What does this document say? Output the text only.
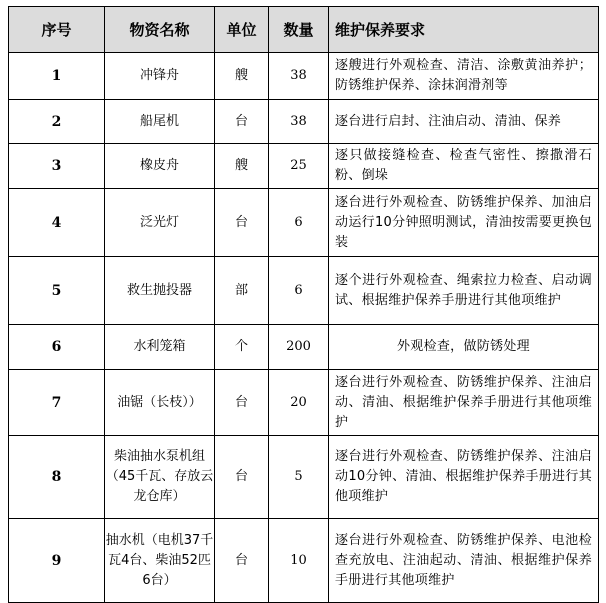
序号	物资名称	单位	数量	维护保养要求
1	冲锋舟	艘	38	逐艘进行外观检查、清洁、涂敷黄油养护；防锈维护保养、涂抹润滑剂等
2	船尾机	台	38	逐台进行启封、注油启动、清油、保养
3	橡皮舟	艘	25	逐只做接缝检查、检查气密性、擦撒滑石粉、倒垛
4	泛光灯	台	6	逐台进行外观检查、防锈维护保养、加油启动运行10分钟照明测试，清油按需要更换包装
5	救生抛投器	部	6	逐个进行外观检查、绳索拉力检查、启动调试、根据维护保养手册进行其他项维护
6	水利笼箱	个	200	外观检查，做防锈处理
7	油锯（长枝））	台	20	逐台进行外观检查、防锈维护保养、注油启动、清油、根据维护保养手册进行其他项维护
8	柴油抽水泵机组（45千瓦、存放云龙仓库）	台	5	逐台进行外观检查、防锈维护保养、注油启动10分钟、清油、根据维护保养手册进行其他项维护
9	抽水机（电机37千瓦4台、柴油52匹6台）	台	10	逐台进行外观检查、防锈维护保养、电池检查充放电、注油起动、清油、根据维护保养手册进行其他项维护
